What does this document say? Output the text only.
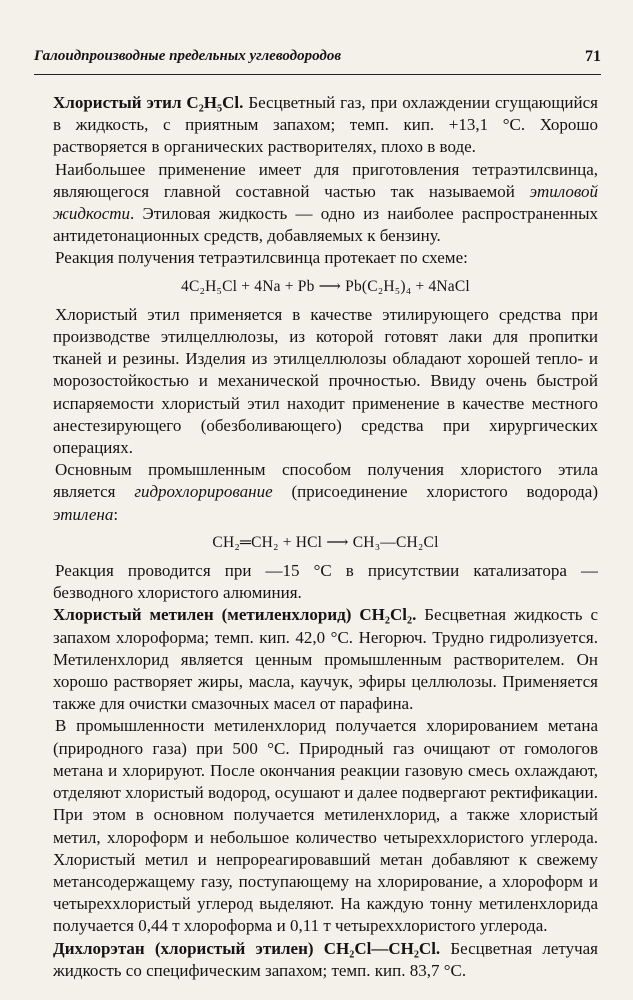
Галоидпроизводные предельных углеводородов	71

Хлористый этил C₂H₅Cl. Бесцветный газ, при охлаждении сгущающийся в жидкость, с приятным запахом; темп. кип. +13,1 °С. Хорошо растворяется в органических растворителях, плохо в воде.

Наибольшее применение имеет для приготовления тетраэтилсвинца, являющегося главной составной частью так называемой этиловой жидкости. Этиловая жидкость — одно из наиболее распространенных антидетонационных средств, добавляемых к бензину.

Реакция получения тетраэтилсвинца протекает по схеме:

4C₂H₅Cl + 4Na + Pb ⟶ Pb(C₂H₅)₄ + 4NaCl

Хлористый этил применяется в качестве этилирующего средства при производстве этилцеллюлозы, из которой готовят лаки для пропитки тканей и резины. Изделия из этилцеллюлозы обладают хорошей тепло- и морозостойкостью и механической прочностью. Ввиду очень быстрой испаряемости хлористый этил находит применение в качестве местного анестезирующего (обезболивающего) средства при хирургических операциях.

Основным промышленным способом получения хлористого этила является гидрохлорирование (присоединение хлористого водорода) этилена:

CH₂═CH₂ + HCl ⟶ CH₃—CH₂Cl

Реакция проводится при —15 °С в присутствии катализатора — безводного хлористого алюминия.

Хлористый метилен (метиленхлорид) CH₂Cl₂. Бесцветная жидкость с запахом хлороформа; темп. кип. 42,0 °С. Негорюч. Трудно гидролизуется. Метиленхлорид является ценным промышленным растворителем. Он хорошо растворяет жиры, масла, каучук, эфиры целлюлозы. Применяется также для очистки смазочных масел от парафина.

В промышленности метиленхлорид получается хлорированием метана (природного газа) при 500 °С. Природный газ очищают от гомологов метана и хлорируют. После окончания реакции газовую смесь охлаждают, отделяют хлористый водород, осушают и далее подвергают ректификации. При этом в основном получается метиленхлорид, а также хлористый метил, хлороформ и небольшое количество четыреххлористого углерода. Хлористый метил и непрореагировавший метан добавляют к свежему метансодержащему газу, поступающему на хлорирование, а хлороформ и четыреххлористый углерод выделяют. На каждую тонну метиленхлорида получается 0,44 т хлороформа и 0,11 т четыреххлористого углерода.

Дихлорэтан (хлористый этилен) CH₂Cl—CH₂Cl. Бесцветная летучая жидкость со специфическим запахом; темп. кип. 83,7 °С.
